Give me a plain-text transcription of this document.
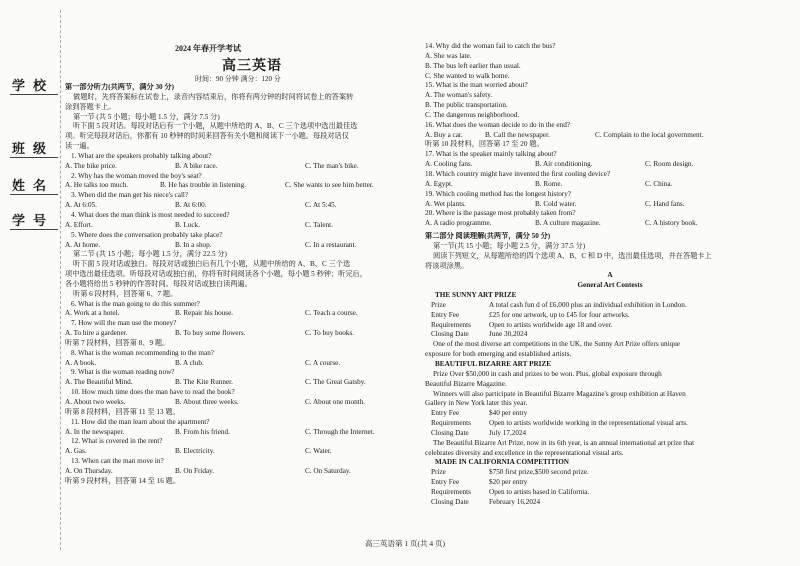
学校
班级
姓名
学号
2024 年春开学考试
高三英语
时间：90 分钟 满分：120 分

第一部分听力(共两节，满分 30 分)

做题时，先将答案标在试卷上，录音内容结束后，你将有两分钟的时间将试卷上的答案转

涂到答题卡上。

第一节 (共 5 小题；每小题 1.5 分，满分 7.5 分)

听下面 5 段对话。每段对话后有一个小题，从题中所给的 A、B、C 三个选项中选出最佳选

项。听完每段对话后，你都有 10 秒钟的时间来回答有关小题和阅读下一小题。每段对话仅

读一遍。

1. What are the speakers probably talking about?

A. The bike price.	B. A bike race.	C. The man's bike.

2. Why has the woman moved the boy's seat?

A. He talks too much.	B. He has trouble in listening.	C. She wants to see him better.

3. When did the man get his niece's call?

A. At 6:05.	B. At 6:00.	C. At 5:45.

4. What does the man think is most needed to succeed?

A. Effort.	B. Luck.	C. Talent.

5. Where does the conversation probably take place?

A. At home.	B. In a shop.	C. In a restaurant.

第二节 (共 15 小题；每小题 1.5 分，满分 22.5 分)

听下面 5 段对话或独白。每段对话或独白后有几个小题，从题中所给的 A、B、C 三个选

项中选出最佳选项。听每段对话或独白前，你将有时间阅读各个小题，每小题 5 秒钟；听完后，

各小题将给出 5 秒钟的作答时间。每段对话或独白读两遍。

听第 6 段材料，回答第 6、7 题。

6. What is the man going to do this summer?

A. Work at a hotel.	B. Repair his house.	C. Teach a course.

7. How will the man use the money?

A. To hire a gardener.	B. To buy some flowers.	C. To buy books.

听第 7 段材料，回答第 8、9 题。

8. What is the woman recommending to the man?

A. A book.	B. A club.	C. A course.

9. What is the woman reading now?

A. The Beautiful Mind.	B. The Kite Runner.	C. The Great Gatsby.

10. How much time does the man have to read the book?

A. About two weeks.	B. About three weeks.	C. About one month.

听第 8 段材料，回答第 11 至 13 题。

11. How did the man learn about the apartment?

A. In the newspaper.	B. From his friend.	C. Through the Internet.

12. What is covered in the rent?

A. Gas.	B. Electricity.	C. Water.

13. When can the man move in?

A. On Thursday.	B. On Friday.	C. On Saturday.

听第 9 段材料，回答第 14 至 16 题。

14. Why did the woman fail to catch the bus?

A. She was late.

B. The bus left earlier than usual.

C. She wanted to walk home.

15. What is the man worried about?

A. The woman's safety.

B. The public transportation.

C. The dangerous neighborhood.

16. What does the woman decide to do in the end?

A. Buy a car.	B. Call the newspaper.	C. Complain to the local government.

听第 10 段材料，回答第 17 至 20 题。

17. What is the speaker mainly talking about?

A. Cooling fans.	B. Air conditioning.	C. Room design.

18. Which country might have invented the first cooling device?

A. Egypt.	B. Rome.	C. China.

19. Which cooling method has the longest history?

A. Wet plants.	B. Cold water.	C. Hand fans.

20. Where is the passage most probably taken from?

A. A radio programme.	B. A culture magazine.	C. A history book.

第二部分 阅读理解(共两节，满分 50 分)

第一节(共 15 小题；每小题 2.5 分，满分 37.5 分)

阅读下列短文，从每题所给的四个选项 A、B、C 和 D 中，选出最佳选项，并在答题卡上

将该项涂黑。

A

General Art Contests

THE SUNNY ART PRIZE

Prize	A total cash fun d of £6,000 plus an individual exhibition in London.

Entry Fee	£25 for one artwork, up to £45 for four artworks.

Requirements	Open to artists worldwide age 18 and over.

Closing Date	June 30,2024

One of the most diverse art competitions in the UK, the Sunny Art Prize offers unique

exposure for both emerging and established artists.

BEAUTIFUL BIZARRE ART PRIZE

Prize Over $50,000 in cash and prizes to be won. Plus, global exposure through

Beautiful Bizarre Magazine.

Winners will also participate in Beautiful Bizarre Magazine's group exhibition at Haven

Gallery in New York later this year.

Entry Fee	$40 per entry

Requirements	Open to artists worldwide working in the representational visual arts.

Closing Date	July 17,2024

The Beautiful Bizarre Art Prize, now in its 6th year, is an annual international art prize that

celebrates diversity and excellence in the representational visual arts.

MADE IN CALIFORNIA COMPETITION

Prize	$750 first prize,$500 second prize.

Entry Fee	$20 per entry

Requirements	Open to artists based in California.

Closing Date	February 16,2024

高三英语第 1 页(共 4 页)
